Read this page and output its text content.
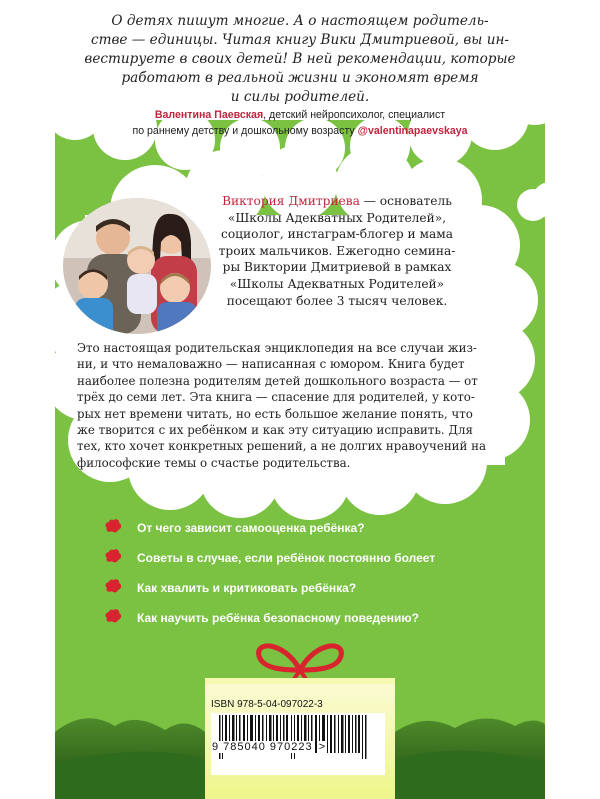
О детях пишут многие. А о настоящем родитель-
стве — единицы. Читая книгу Вики Дмитриевой, вы ин-
вестируете в своих детей! В ней рекомендации, которые
работают в реальной жизни и экономят время
и силы родителей.
Валентина Паевская, детский нейропсихолог, специалист
по раннему детству и дошкольному возрасту @valentinapaevskaya
Виктория Дмитриева — основатель
«Школы Адекватных Родителей»,
социолог, инстаграм-блогер и мама
троих мальчиков. Ежегодно семина-
ры Виктории Дмитриевой в рамках
«Школы Адекватных Родителей»
посещают более 3 тысяч человек.
Это настоящая родительская энциклопедия на все случаи жиз-
ни, и что немаловажно — написанная с юмором. Книга будет
наиболее полезна родителям детей дошкольного возраста — от
трёх до семи лет. Эта книга — спасение для родителей, у кото-
рых нет времени читать, но есть большое желание понять, что
же творится с их ребёнком и как эту ситуацию исправить. Для
тех, кто хочет конкретных решений, а не долгих нравоучений на
философские темы о счастье родительства.
От чего зависит самооценка ребёнка?
Советы в случае, если ребёнок постоянно болеет
Как хвалить и критиковать ребёнка?
Как научить ребёнка безопасному поведению?
ISBN 978-5-04-097022-3
9 785040 970223 >
